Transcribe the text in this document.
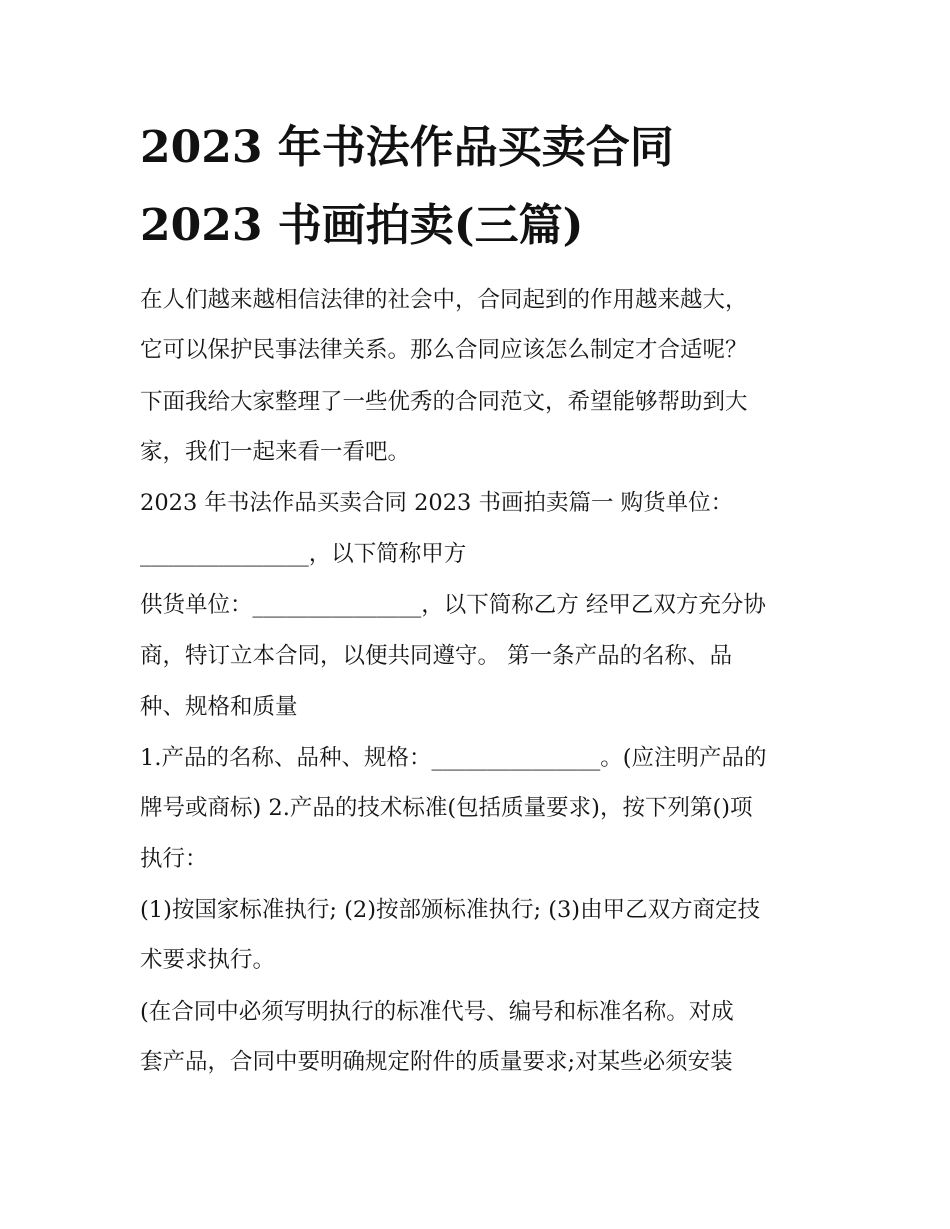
2023 年书法作品买卖合同
2023 书画拍卖(三篇)
在人们越来越相信法律的社会中，合同起到的作用越来越大，
它可以保护民事法律关系。那么合同应该怎么制定才合适呢？
下面我给大家整理了一些优秀的合同范文，希望能够帮助到大
家，我们一起来看一看吧。
2023 年书法作品买卖合同 2023 书画拍卖篇一 购货单位：
_______________，以下简称甲方
供货单位：_______________，以下简称乙方 经甲乙双方充分协
商，特订立本合同，以便共同遵守。 第一条产品的名称、品
种、规格和质量
1.产品的名称、品种、规格：_______________。(应注明产品的
牌号或商标) 2.产品的技术标准(包括质量要求)，按下列第()项
执行：
(1)按国家标准执行; (2)按部颁标准执行; (3)由甲乙双方商定技
术要求执行。
(在合同中必须写明执行的标准代号、编号和标准名称。对成
套产品，合同中要明确规定附件的质量要求;对某些必须安装
